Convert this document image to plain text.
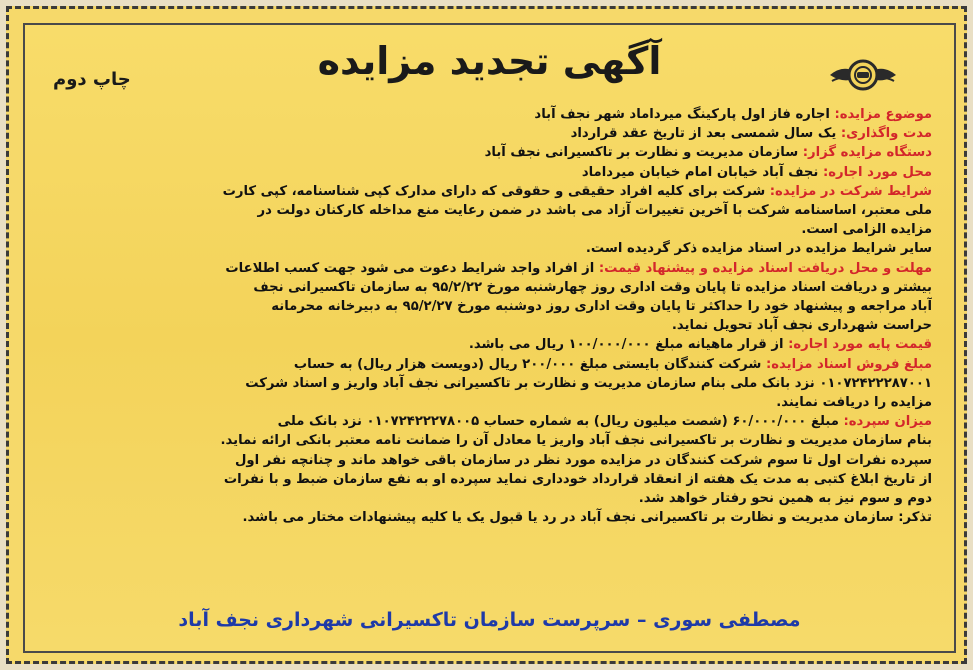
چاپ دوم	آگهی تجدید مزایده
موضوع مزایده: اجاره فاز اول پارکینگ میرداماد شهر نجف آباد
مدت واگذاری: یک سال شمسی بعد از تاریخ عقد قرارداد
دستگاه مزایده گزار: سازمان مدیریت و نظارت بر تاکسیرانی نجف آباد
محل مورد اجاره: نجف آباد خیابان امام خیابان میرداماد
شرایط شرکت در مزایده: شرکت برای کلیه افراد حقیقی و حقوقی که دارای مدارک کپی شناسنامه، کپی کارت
ملی معتبر، اساسنامه شرکت با آخرین تغییرات آزاد می باشد در ضمن رعایت منع مداخله کارکنان دولت در
مزایده الزامی است.
سایر شرایط مزایده در اسناد مزایده ذکر گردیده است.
مهلت و محل دریافت اسناد مزایده و پیشنهاد قیمت: از افراد واجد شرایط دعوت می شود جهت کسب اطلاعات
بیشتر و دریافت اسناد مزایده تا پایان وقت اداری روز چهارشنبه مورخ ۹۵/۲/۲۲ به سازمان تاکسیرانی نجف
آباد مراجعه و پیشنهاد خود را حداکثر تا پایان وقت اداری روز دوشنبه مورخ ۹۵/۲/۲۷ به دبیرخانه محرمانه
حراست شهرداری نجف آباد تحویل نماید.
قیمت پایه مورد اجاره: از قرار ماهیانه مبلغ ۱۰۰/۰۰۰/۰۰۰ ریال می باشد.
مبلغ فروش اسناد مزایده: شرکت کنندگان بایستی مبلغ ۲۰۰/۰۰۰ ریال (دویست هزار ریال) به حساب
۰۱۰۷۲۴۲۲۲۸۷۰۰۱ نزد بانک ملی بنام سازمان مدیریت و نظارت بر تاکسیرانی نجف آباد واریز و اسناد شرکت
مزایده را دریافت نمایند.
میزان سپرده: مبلغ ۶۰/۰۰۰/۰۰۰ (شصت میلیون ریال) به شماره حساب ۰۱۰۷۲۴۲۲۲۷۸۰۰۵ نزد بانک ملی
بنام سازمان مدیریت و نظارت بر تاکسیرانی نجف آباد واریز یا معادل آن را ضمانت نامه معتبر بانکی ارائه نماید.
سپرده نفرات اول تا سوم شرکت کنندگان در مزایده مورد نظر در سازمان باقی خواهد ماند و چنانچه نفر اول
از تاریخ ابلاغ کتبی به مدت یک هفته از انعقاد قرارداد خودداری نماید سپرده او به نفع سازمان ضبط و با نفرات
دوم و سوم نیز به همین نحو رفتار خواهد شد.
تذکر: سازمان مدیریت و نظارت بر تاکسیرانی نجف آباد در رد یا قبول یک یا کلیه پیشنهادات مختار می باشد.
مصطفی سوری – سرپرست سازمان تاکسیرانی شهرداری نجف آباد
